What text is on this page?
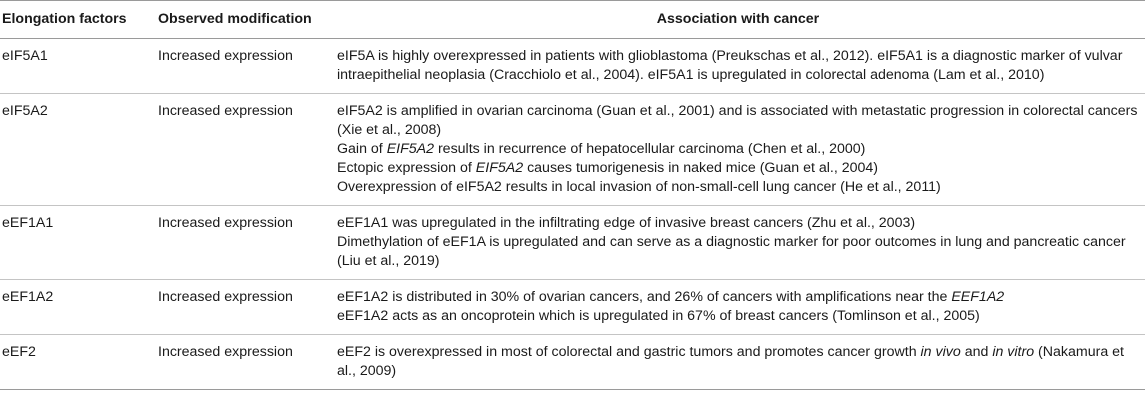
Elongation factors	Observed modification	Association with cancer
eIF5A1	Increased expression	eIF5A is highly overexpressed in patients with glioblastoma (Preukschas et al., 2012). eIF5A1 is a diagnostic marker of vulvar intraepithelial neoplasia (Cracchiolo et al., 2004). eIF5A1 is upregulated in colorectal adenoma (Lam et al., 2010)

eIF5A2	Increased expression	eIF5A2 is amplified in ovarian carcinoma (Guan et al., 2001) and is associated with metastatic progression in colorectal cancers (Xie et al., 2008)
Gain of EIF5A2 results in recurrence of hepatocellular carcinoma (Chen et al., 2000)
Ectopic expression of EIF5A2 causes tumorigenesis in naked mice (Guan et al., 2004)
Overexpression of eIF5A2 results in local invasion of non-small-cell lung cancer (He et al., 2011)

eEF1A1	Increased expression	eEF1A1 was upregulated in the infiltrating edge of invasive breast cancers (Zhu et al., 2003)
Dimethylation of eEF1A is upregulated and can serve as a diagnostic marker for poor outcomes in lung and pancreatic cancer (Liu et al., 2019)

eEF1A2	Increased expression	eEF1A2 is distributed in 30% of ovarian cancers, and 26% of cancers with amplifications near the EEF1A2
eEF1A2 acts as an oncoprotein which is upregulated in 67% of breast cancers (Tomlinson et al., 2005)

eEF2	Increased expression	eEF2 is overexpressed in most of colorectal and gastric tumors and promotes cancer growth in vivo and in vitro (Nakamura et al., 2009)
